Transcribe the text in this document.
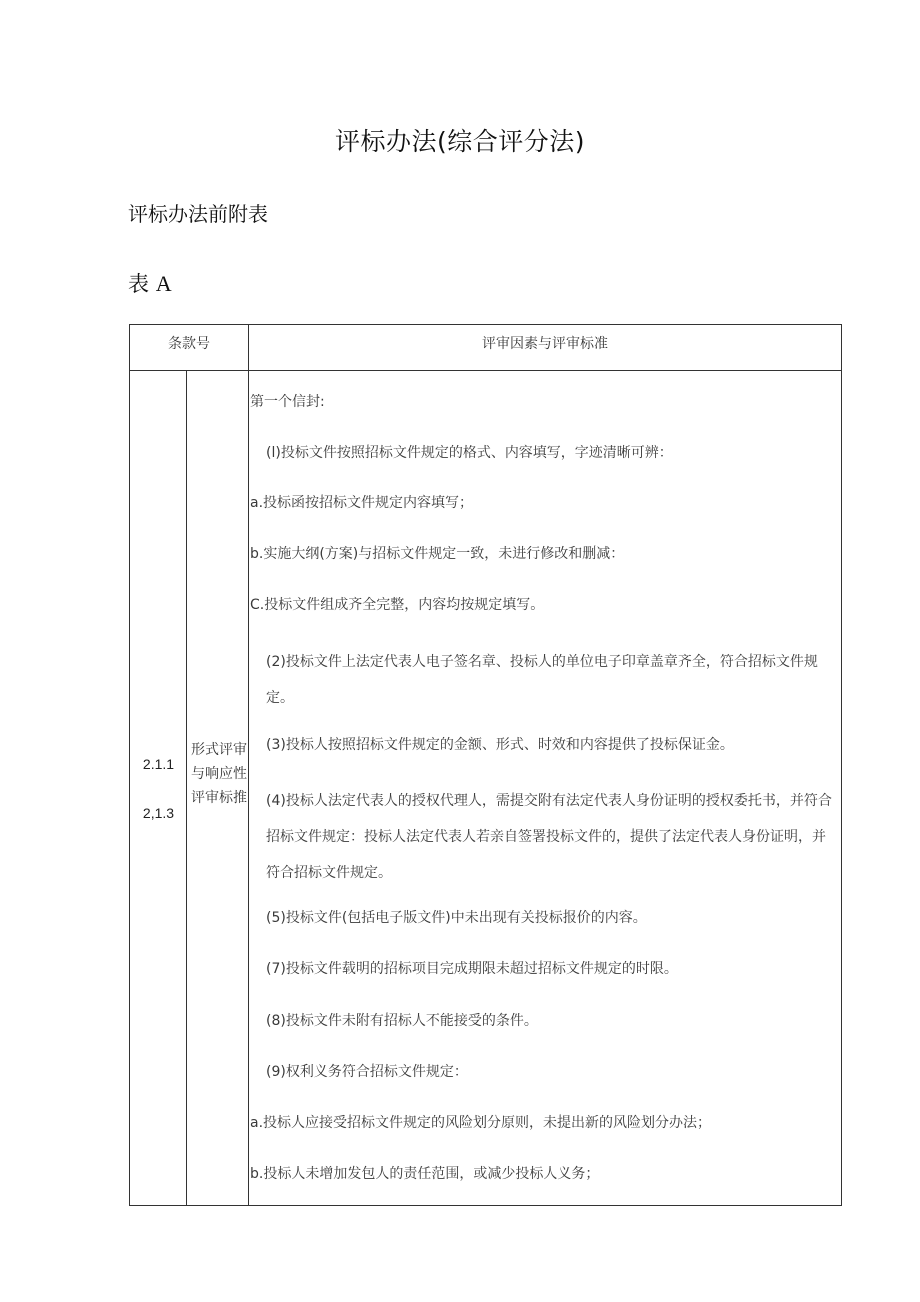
评标办法(综合评分法)
评标办法前附表
表 A
条款号	评审因素与评审标准
2.1.1
2,1.3
形式评审与响应性评审标推
第一个信封:
(l)投标文件按照招标文件规定的格式、内容填写，字迹清晰可辨：
a.投标函按招标文件规定内容填写；
b.实施大纲(方案)与招标文件规定一致，未进行修改和删减：
C.投标文件组成齐全完整，内容均按规定填写。
(2)投标文件上法定代表人电子签名章、投标人的单位电子印章盖章齐全，符合招标文件规定。
(3)投标人按照招标文件规定的金额、形式、时效和内容提供了投标保证金。
(4)投标人法定代表人的授权代理人，需提交附有法定代表人身份证明的授权委托书，并符合招标文件规定：投标人法定代表人若亲自签署投标文件的，提供了法定代表人身份证明，并符合招标文件规定。
(5)投标文件(包括电子版文件)中未出现有关投标报价的内容。
(7)投标文件载明的招标项目完成期限未超过招标文件规定的时限。
(8)投标文件未附有招标人不能接受的条件。
(9)权利义务符合招标文件规定：
a.投标人应接受招标文件规定的风险划分原则，未提出新的风险划分办法；
b.投标人未增加发包人的责任范围，或减少投标人义务；
